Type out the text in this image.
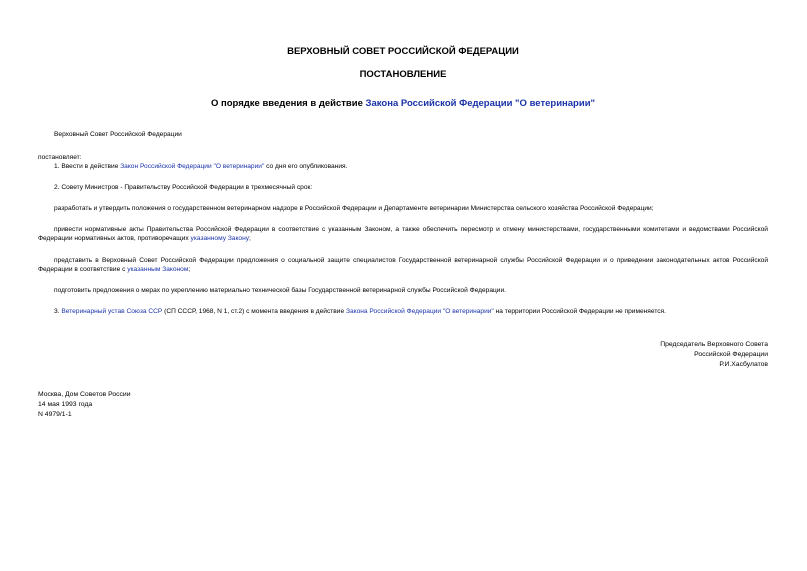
ВЕРХОВНЫЙ СОВЕТ РОССИЙСКОЙ ФЕДЕРАЦИИ

ПОСТАНОВЛЕНИЕ

О порядке введения в действие Закона Российской Федерации "О ветеринарии"

Верховный Совет Российской Федерации

постановляет:

1. Ввести в действие Закон Российской Федерации "О ветеринарии" со дня его опубликования.

2. Совету Министров - Правительству Российской Федерации в трехмесячный срок:

разработать и утвердить положения о государственном ветеринарном надзоре в Российской Федерации и Департаменте ветеринарии Министерства сельского хозяйства Российской Федерации;

привести нормативные акты Правительства Российской Федерации в соответствие с указанным Законом, а также обеспечить пересмотр и отмену министерствами, государственными комитетами и ведомствами Российской Федерации нормативных актов, противоречащих указанному Закону;

представить в Верховный Совет Российской Федерации предложения о социальной защите специалистов Государственной ветеринарной службы Российской Федерации и о приведении законодательных актов Российской Федерации в соответствие с указанным Законом;

подготовить предложения о мерах по укреплению материально технической базы Государственной ветеринарной службы Российской Федерации.

3. Ветеринарный устав Союза ССР (СП СССР, 1968, N 1, ст.2) с момента введения в действие Закона Российской Федерации "О ветеринарии" на территории Российской Федерации не применяется.

Председатель Верховного Совета
Российской Федерации
Р.И.Хасбулатов

Москва, Дом Советов России
14 мая 1993 года
N 4979/1-1
